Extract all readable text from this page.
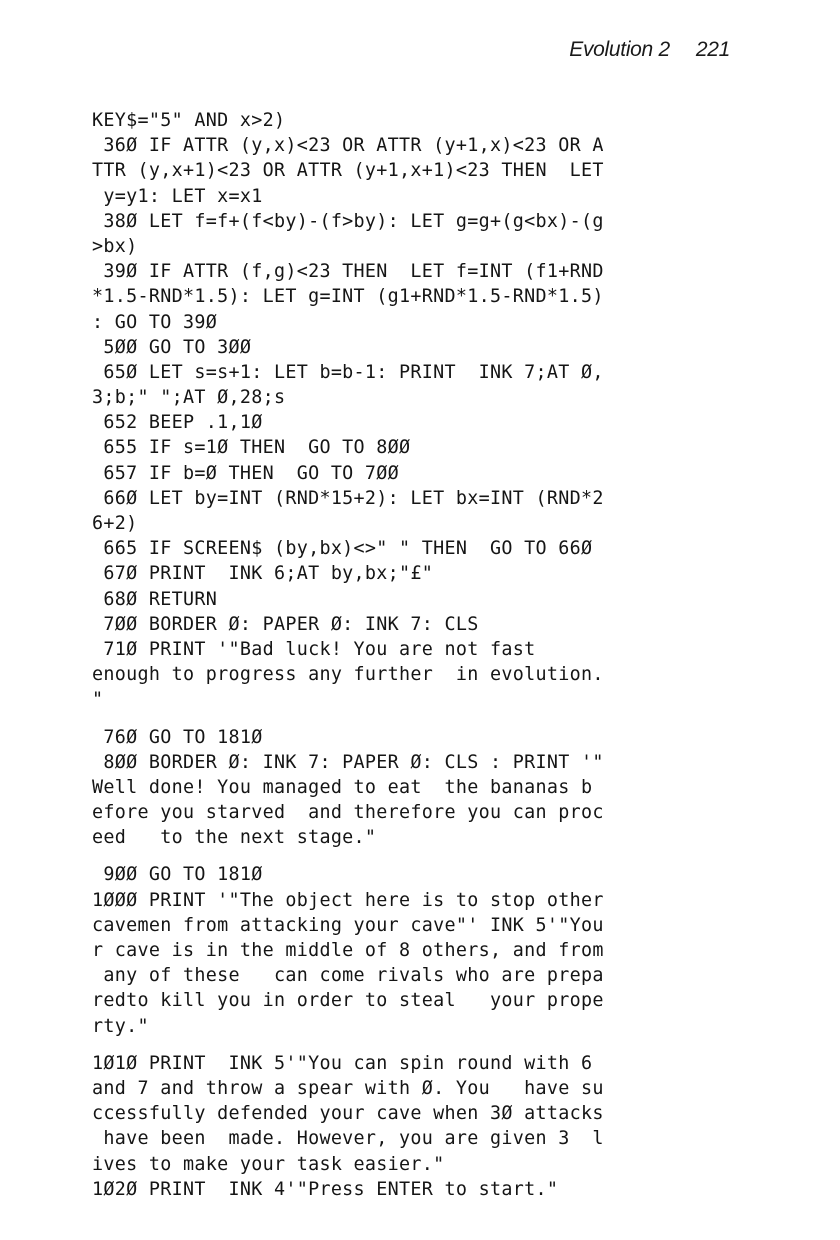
Evolution 2 221
KEY$="5" AND x>2)
36Ø IF ATTR (y,x)<23 OR ATTR (y+1,x)<23 OR A
TTR (y,x+1)<23 OR ATTR (y+1,x+1)<23 THEN  LET
y=y1: LET x=x1
38Ø LET f=f+(f<by)-(f>by): LET g=g+(g<bx)-(g
>bx)
39Ø IF ATTR (f,g)<23 THEN  LET f=INT (f1+RND
*1.5-RND*1.5): LET g=INT (g1+RND*1.5-RND*1.5)
: GO TO 39Ø
5ØØ GO TO 3ØØ
65Ø LET s=s+1: LET b=b-1: PRINT  INK 7;AT Ø,
3;b;" ";AT Ø,28;s
652 BEEP .1,1Ø
655 IF s=1Ø THEN  GO TO 8ØØ
657 IF b=Ø THEN  GO TO 7ØØ
66Ø LET by=INT (RND*15+2): LET bx=INT (RND*2
6+2)
665 IF SCREEN$ (by,bx)<>" " THEN  GO TO 66Ø
67Ø PRINT  INK 6;AT by,bx;"£"
68Ø RETURN
7ØØ BORDER Ø: PAPER Ø: INK 7: CLS
71Ø PRINT '"Bad luck! You are not fast
enough to progress any further  in evolution.
"
76Ø GO TO 181Ø
8ØØ BORDER Ø: INK 7: PAPER Ø: CLS : PRINT '"
Well done! You managed to eat  the bananas b
efore you starved  and therefore you can proc
eed   to the next stage."
9ØØ GO TO 181Ø
1ØØØ PRINT '"The object here is to stop other
cavemen from attacking your cave"' INK 5'"You
r cave is in the middle of 8 others, and from
any of these   can come rivals who are prepa
redto kill you in order to steal   your prope
rty."
1Ø1Ø PRINT  INK 5'"You can spin round with 6
and 7 and throw a spear with Ø. You   have su
ccessfully defended your cave when 3Ø attacks
have been  made. However, you are given 3  l
ives to make your task easier."
1Ø2Ø PRINT  INK 4'"Press ENTER to start."
